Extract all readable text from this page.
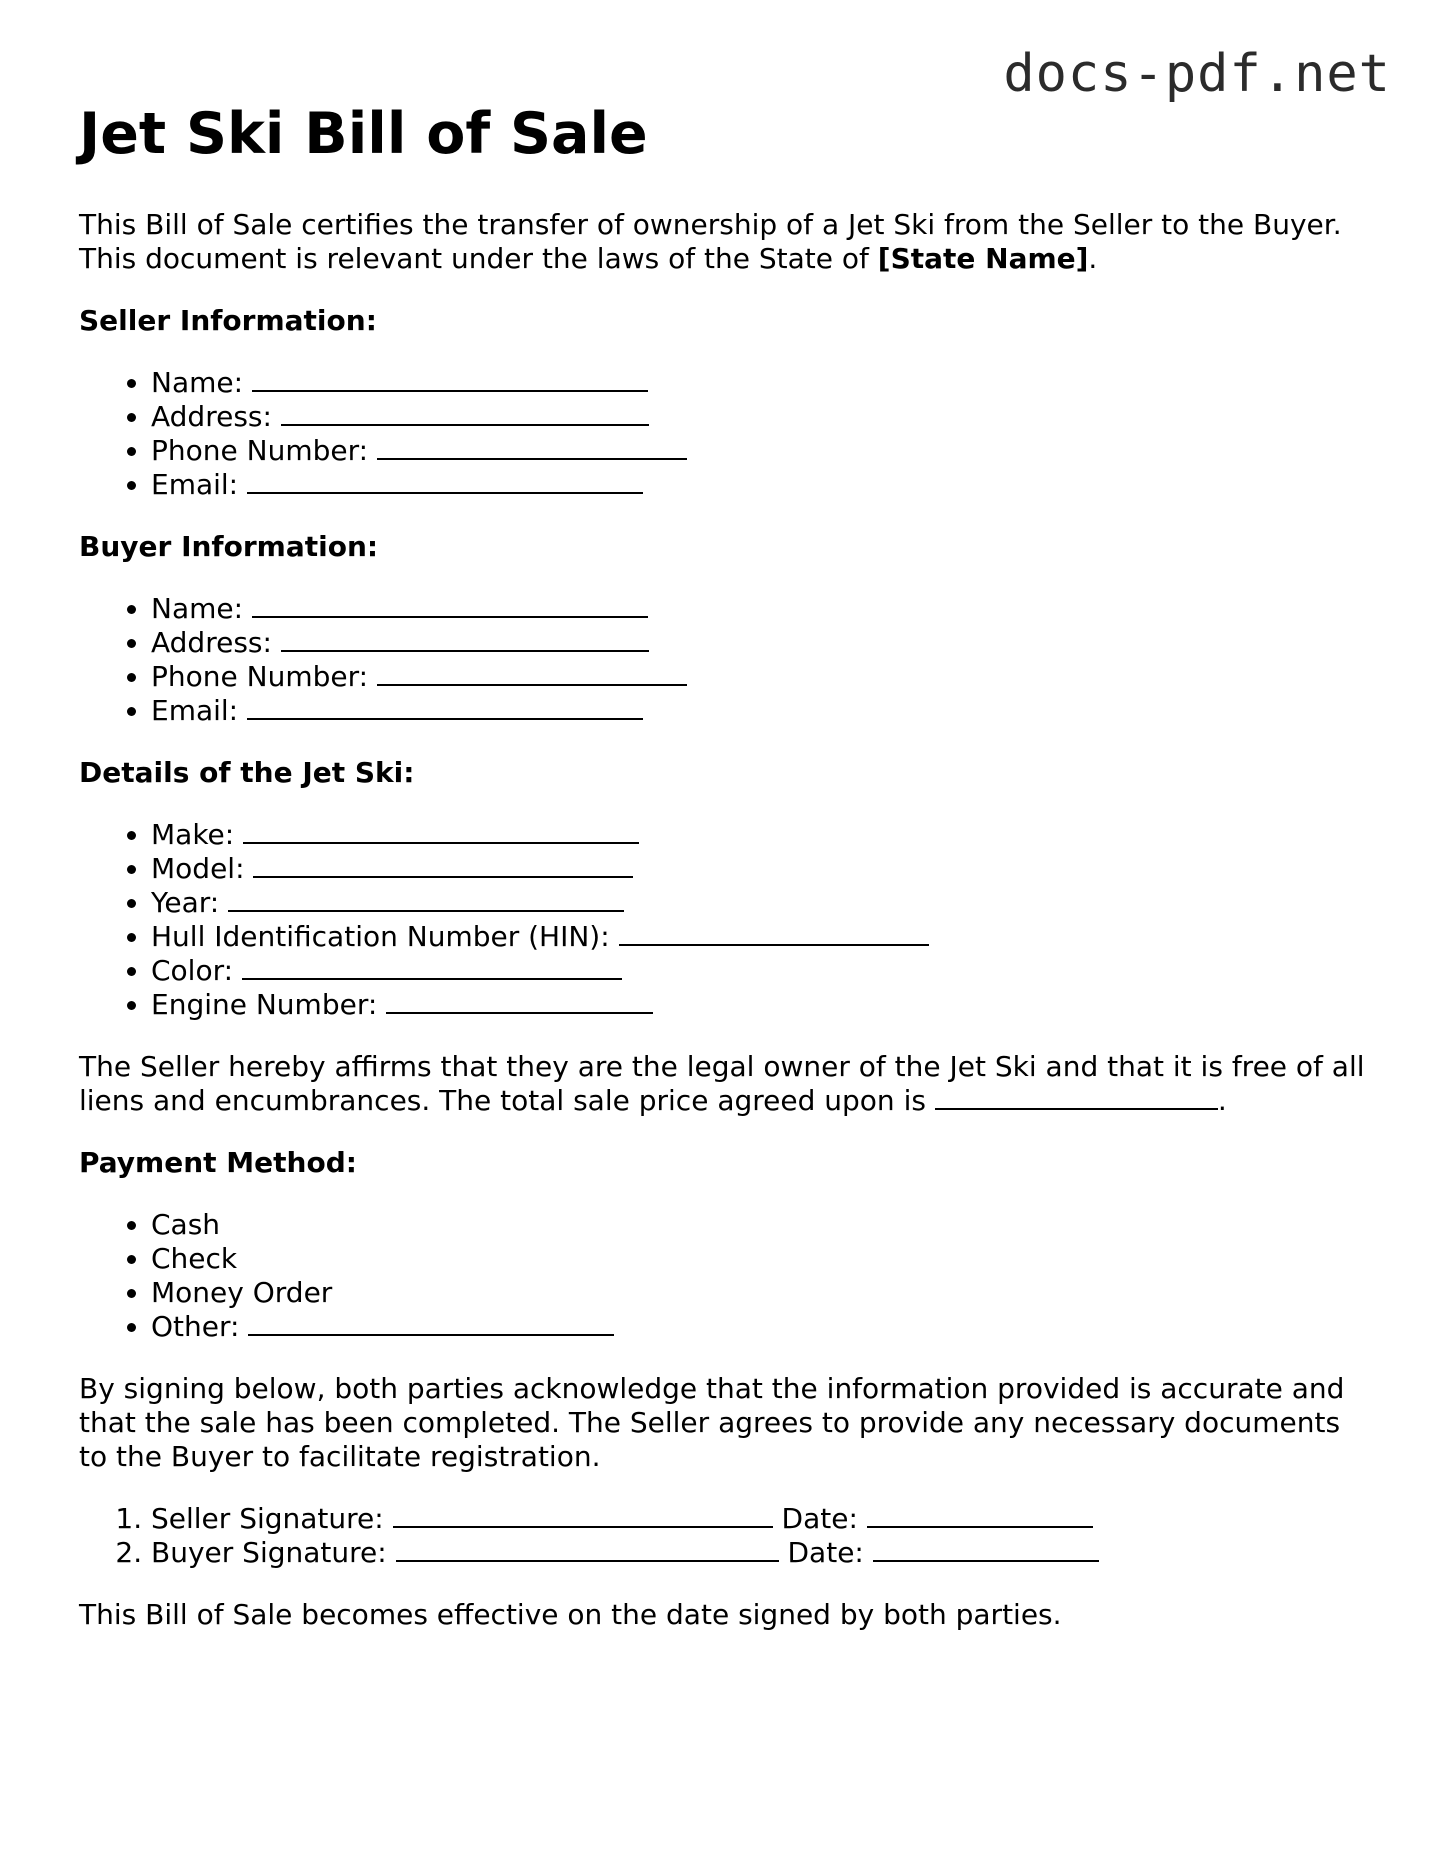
docs-pdf.net
Jet Ski Bill of Sale

This Bill of Sale certifies the transfer of ownership of a Jet Ski from the Seller to the Buyer. This document is relevant under the laws of the State of [State Name].

Seller Information:
• Name:
• Address:
• Phone Number:
• Email:
Buyer Information:
• Name:
• Address:
• Phone Number:
• Email:
Details of the Jet Ski:
• Make:
• Model:
• Year:
• Hull Identification Number (HIN):
• Color:
• Engine Number:

The Seller hereby affirms that they are the legal owner of the Jet Ski and that it is free of all liens and encumbrances. The total sale price agreed upon is	.

Payment Method:
• Cash
• Check
• Money Order
• Other:

By signing below, both parties acknowledge that the information provided is accurate and that the sale has been completed. The Seller agrees to provide any necessary documents to the Buyer to facilitate registration.

1. Seller Signature:	Date:
2. Buyer Signature:	Date:

This Bill of Sale becomes effective on the date signed by both parties.
